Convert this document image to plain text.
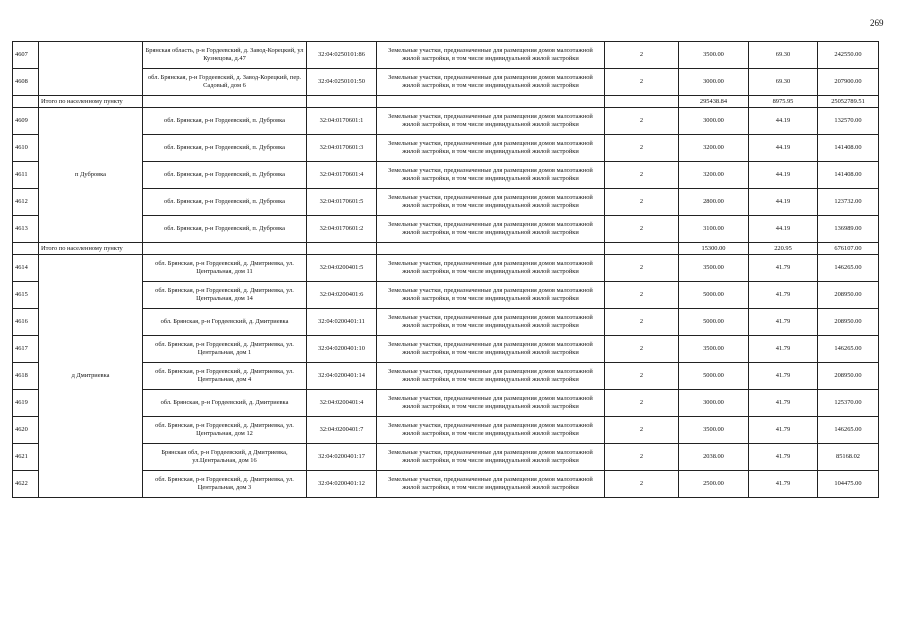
269
4607		Брянская область, р-н Гордеевский, д. Завод-Корецкий, ул Кузнецова, д.47	32:04:0250101:86	Земельные участки, предназначенные для размещения домов малоэтажной жилой застройки, в том числе индивидуальной жилой застройки	2	3500.00	69.30	242550.00
4608		обл. Брянская, р-н Гордеевский, д. Завод-Корецкий, пер. Садовый, дом 6	32:04:0250101:50	Земельные участки, предназначенные для размещения домов малоэтажной жилой застройки, в том числе индивидуальной жилой застройки	2	3000.00	69.30	207900.00
	Итого по населенному пункту					295438.84	8975.95	25052789.51
4609	п Дубровка	обл. Брянская, р-н Гордеевский, п. Дубровка	32:04:0170601:1	Земельные участки, предназначенные для размещения домов малоэтажной жилой застройки, в том числе индивидуальной жилой застройки	2	3000.00	44.19	132570.00
4610		обл. Брянская, р-н Гордеевский, п. Дубровка	32:04:0170601:3	Земельные участки, предназначенные для размещения домов малоэтажной жилой застройки, в том числе индивидуальной жилой застройки	2	3200.00	44.19	141408.00
4611		обл. Брянская, р-н Гордеевский, п. Дубровка	32:04:0170601:4	Земельные участки, предназначенные для размещения домов малоэтажной жилой застройки, в том числе индивидуальной жилой застройки	2	3200.00	44.19	141408.00
4612		обл. Брянская, р-н Гордеевский, п. Дубровка	32:04:0170601:5	Земельные участки, предназначенные для размещения домов малоэтажной жилой застройки, в том числе индивидуальной жилой застройки	2	2800.00	44.19	123732.00
4613		обл. Брянская, р-н Гордеевский, п. Дубровка	32:04:0170601:2	Земельные участки, предназначенные для размещения домов малоэтажной жилой застройки, в том числе индивидуальной жилой застройки	2	3100.00	44.19	136989.00
	Итого по населенному пункту					15300.00	220.95	676107.00
4614	д Дмитриевка	обл. Брянская, р-н Гордеевский, д. Дмитриевка, ул. Центральная, дом 11	32:04:0200401:5	Земельные участки, предназначенные для размещения домов малоэтажной жилой застройки, в том числе индивидуальной жилой застройки	2	3500.00	41.79	146265.00
4615		обл. Брянская, р-н Гордеевский, д. Дмитриевка, ул. Центральная, дом 14	32:04:0200401:6	Земельные участки, предназначенные для размещения домов малоэтажной жилой застройки, в том числе индивидуальной жилой застройки	2	5000.00	41.79	208950.00
4616		обл. Брянская, р-н Гордеевский, д. Дмитриевка	32:04:0200401:11	Земельные участки, предназначенные для размещения домов малоэтажной жилой застройки, в том числе индивидуальной жилой застройки	2	5000.00	41.79	208950.00
4617		обл. Брянская, р-н Гордеевский, д. Дмитриевка, ул. Центральная, дом 1	32:04:0200401:10	Земельные участки, предназначенные для размещения домов малоэтажной жилой застройки, в том числе индивидуальной жилой застройки	2	3500.00	41.79	146265.00
4618		обл. Брянская, р-н Гордеевский, д. Дмитриевка, ул. Центральная, дом 4	32:04:0200401:14	Земельные участки, предназначенные для размещения домов малоэтажной жилой застройки, в том числе индивидуальной жилой застройки	2	5000.00	41.79	208950.00
4619		обл. Брянская, р-н Гордеевский, д. Дмитриевка	32:04:0200401:4	Земельные участки, предназначенные для размещения домов малоэтажной жилой застройки, в том числе индивидуальной жилой застройки	2	3000.00	41.79	125370.00
4620		обл. Брянская, р-н Гордеевский, д. Дмитриевка, ул. Центральная, дом 12	32:04:0200401:7	Земельные участки, предназначенные для размещения домов малоэтажной жилой застройки, в том числе индивидуальной жилой застройки	2	3500.00	41.79	146265.00
4621		Брянская обл, р-н Гордеевский, д Дмитриевка, ул.Центральная, дом 16	32:04:0200401:17	Земельные участки, предназначенные для размещения домов малоэтажной жилой застройки, в том числе индивидуальной жилой застройки	2	2038.00	41.79	85168.02
4622		обл. Брянская, р-н Гордеевский, д. Дмитриевка, ул. Центральная, дом 3	32:04:0200401:12	Земельные участки, предназначенные для размещения домов малоэтажной жилой застройки, в том числе индивидуальной жилой застройки	2	2500.00	41.79	104475.00
